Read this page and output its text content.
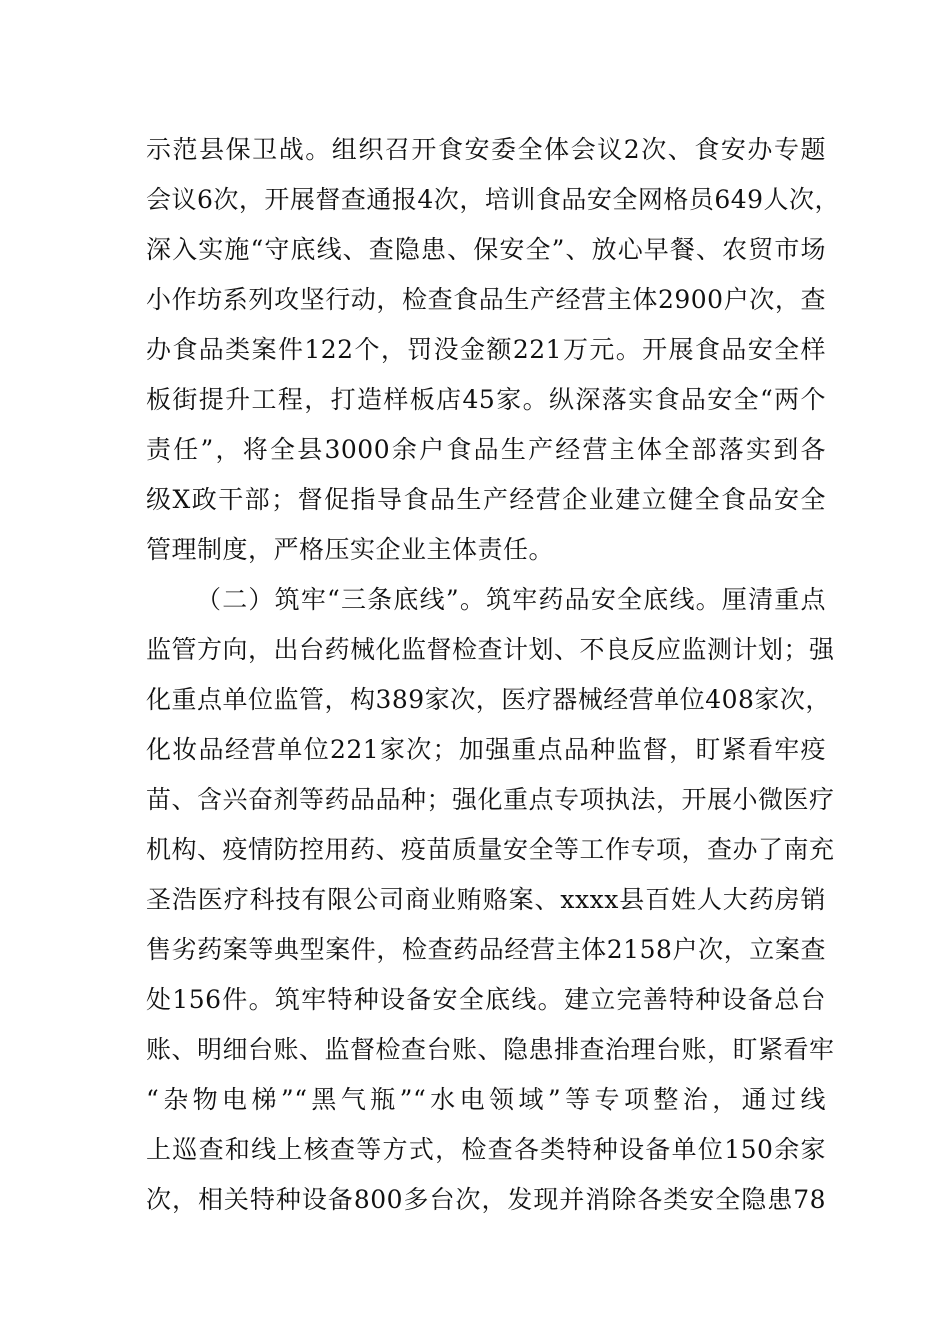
示范县保卫战。组织召开食安委全体会议2次、食安办专题
会议6次，开展督查通报4次，培训食品安全网格员649人次，
深入实施“守底线、查隐患、保安全”、放心早餐、农贸市场
小作坊系列攻坚行动，检查食品生产经营主体2900户次，查
办食品类案件122个，罚没金额221万元。开展食品安全样
板街提升工程，打造样板店45家。纵深落实食品安全“两个
责任”，将全县3000余户食品生产经营主体全部落实到各
级X政干部；督促指导食品生产经营企业建立健全食品安全
管理制度，严格压实企业主体责任。
（二）筑牢“三条底线”。筑牢药品安全底线。厘清重点
监管方向，出台药械化监督检查计划、不良反应监测计划；强
化重点单位监管，构389家次，医疗器械经营单位408家次，
化妆品经营单位221家次；加强重点品种监督，盯紧看牢疫
苗、含兴奋剂等药品品种；强化重点专项执法，开展小微医疗
机构、疫情防控用药、疫苗质量安全等工作专项，查办了南充
圣浩医疗科技有限公司商业贿赂案、xxxx县百姓人大药房销
售劣药案等典型案件，检查药品经营主体2158户次，立案查
处156件。筑牢特种设备安全底线。建立完善特种设备总台
账、明细台账、监督检查台账、隐患排查治理台账，盯紧看牢
“杂物电梯”“黑气瓶”“水电领域”等专项整治，通过线
上巡查和线上核查等方式，检查各类特种设备单位150余家
次，相关特种设备800多台次，发现并消除各类安全隐患78
